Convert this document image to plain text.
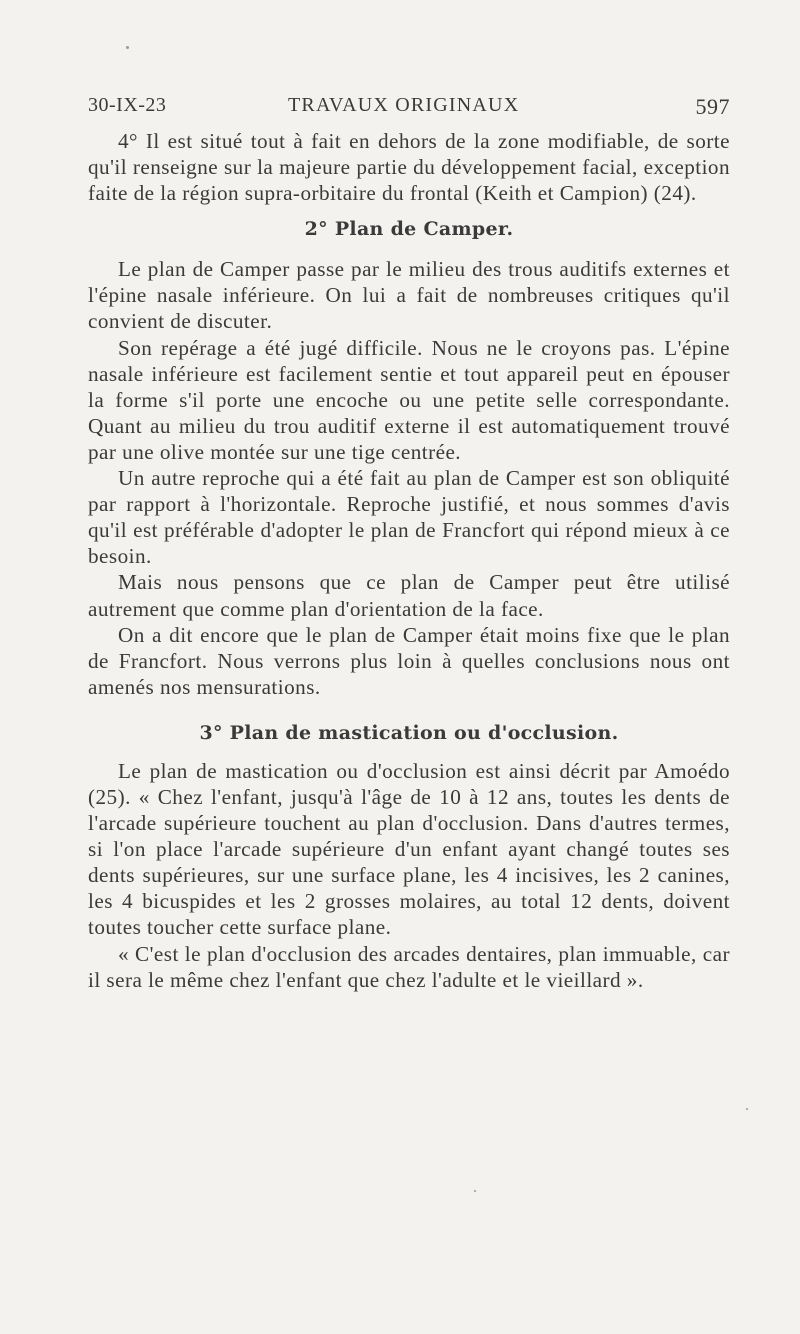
30-IX-23	TRAVAUX ORIGINAUX	597

4° Il est situé tout à fait en dehors de la zone modifiable, de sorte qu'il renseigne sur la majeure partie du développement facial, exception faite de la région supra-orbitaire du frontal (Keith et Campion) (24).

2° Plan de Camper.

Le plan de Camper passe par le milieu des trous auditifs externes et l'épine nasale inférieure. On lui a fait de nombreuses critiques qu'il convient de discuter.

Son repérage a été jugé difficile. Nous ne le croyons pas. L'épine nasale inférieure est facilement sentie et tout appareil peut en épouser la forme s'il porte une encoche ou une petite selle correspondante. Quant au milieu du trou auditif externe il est automatiquement trouvé par une olive montée sur une tige centrée.

Un autre reproche qui a été fait au plan de Camper est son obliquité par rapport à l'horizontale. Reproche justifié, et nous sommes d'avis qu'il est préférable d'adopter le plan de Francfort qui répond mieux à ce besoin.

Mais nous pensons que ce plan de Camper peut être utilisé autrement que comme plan d'orientation de la face.

On a dit encore que le plan de Camper était moins fixe que le plan de Francfort. Nous verrons plus loin à quelles conclusions nous ont amenés nos mensurations.

3° Plan de mastication ou d'occlusion.

Le plan de mastication ou d'occlusion est ainsi décrit par Amoédo (25). « Chez l'enfant, jusqu'à l'âge de 10 à 12 ans, toutes les dents de l'arcade supérieure touchent au plan d'occlusion. Dans d'autres termes, si l'on place l'arcade supérieure d'un enfant ayant changé toutes ses dents supérieures, sur une surface plane, les 4 incisives, les 2 canines, les 4 bicuspides et les 2 grosses molaires, au total 12 dents, doivent toutes toucher cette surface plane.

« C'est le plan d'occlusion des arcades dentaires, plan immuable, car il sera le même chez l'enfant que chez l'adulte et le vieillard ».
